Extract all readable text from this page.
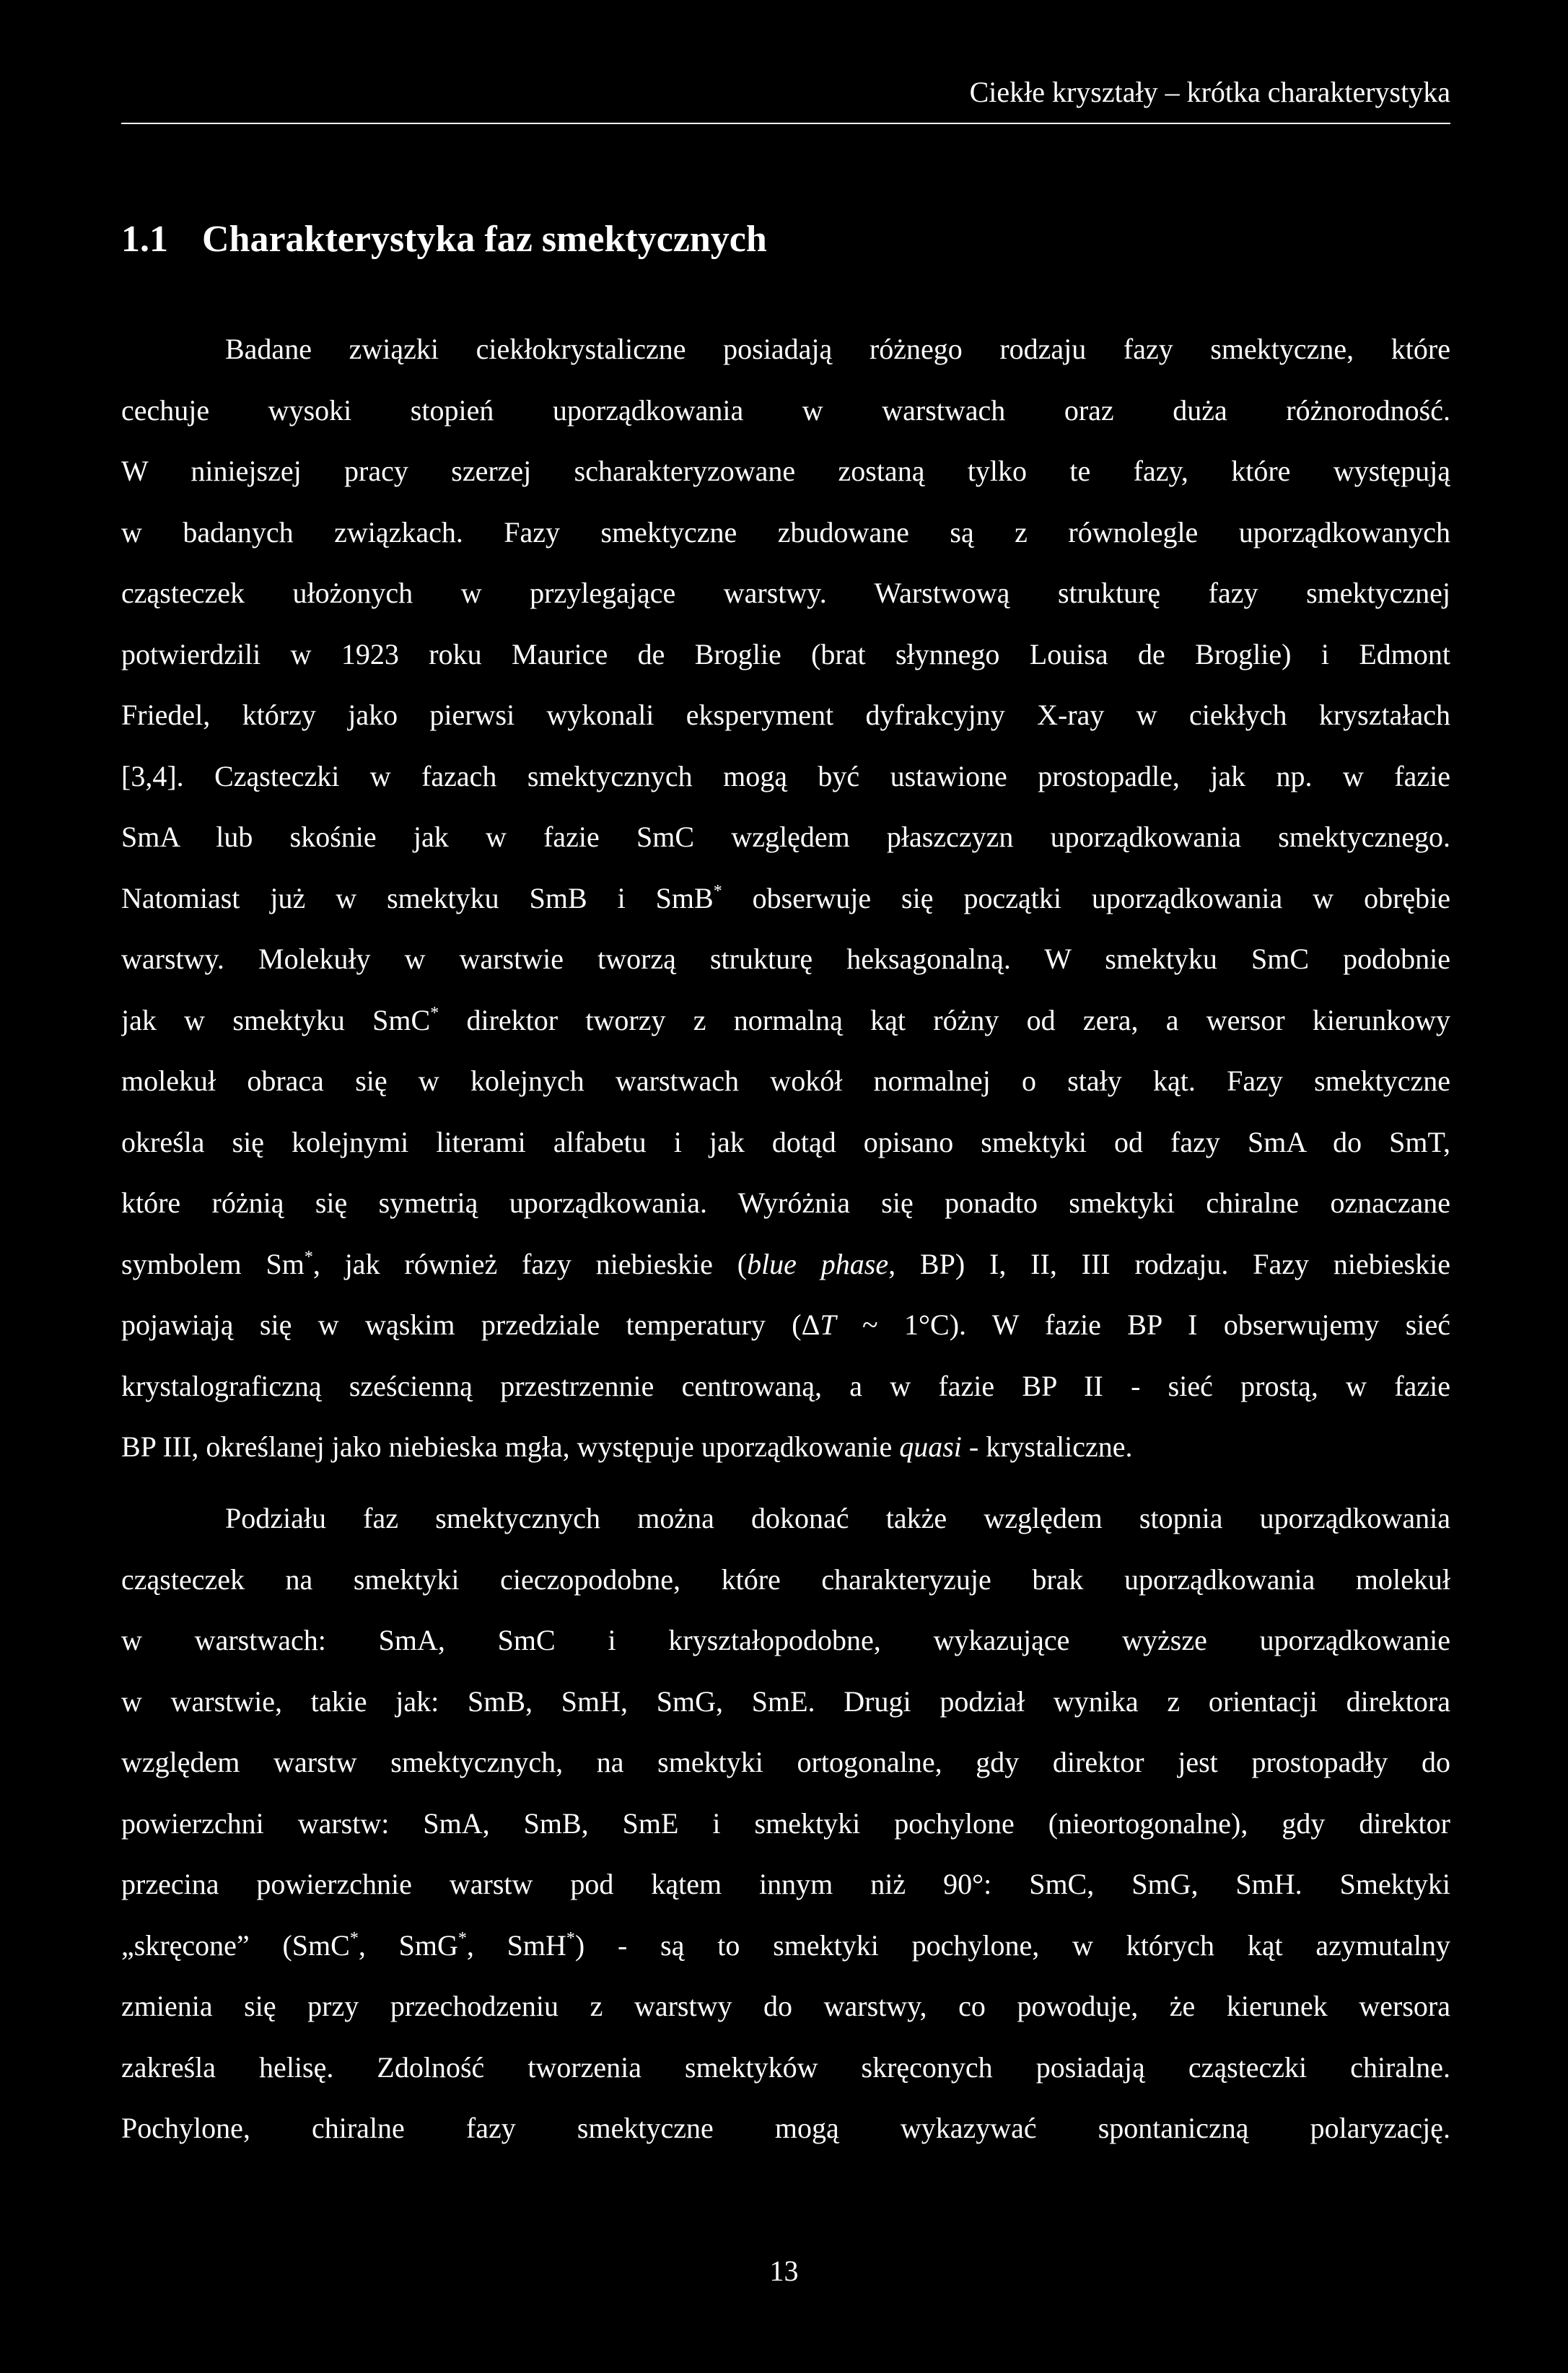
Ciekłe kryształy – krótka charakterystyka
1.1 Charakterystyka faz smektycznych
Badane związki ciekłokrystaliczne posiadają różnego rodzaju fazy smektyczne, które
cechuje wysoki stopień uporządkowania w warstwach oraz duża różnorodność.
W niniejszej pracy szerzej scharakteryzowane zostaną tylko te fazy, które występują
w badanych związkach. Fazy smektyczne zbudowane są z równolegle uporządkowanych
cząsteczek ułożonych w przylegające warstwy. Warstwową strukturę fazy smektycznej
potwierdzili w 1923 roku Maurice de Broglie (brat słynnego Louisa de Broglie) i Edmont
Friedel, którzy jako pierwsi wykonali eksperyment dyfrakcyjny X-ray w ciekłych kryształach
[3,4]. Cząsteczki w fazach smektycznych mogą być ustawione prostopadle, jak np. w fazie
SmA lub skośnie jak w fazie SmC względem płaszczyzn uporządkowania smektycznego.
Natomiast już w smektyku SmB i SmB* obserwuje się początki uporządkowania w obrębie
warstwy. Molekuły w warstwie tworzą strukturę heksagonalną. W smektyku SmC podobnie
jak w smektyku SmC* direktor tworzy z normalną kąt różny od zera, a wersor kierunkowy
molekuł obraca się w kolejnych warstwach wokół normalnej o stały kąt. Fazy smektyczne
określa się kolejnymi literami alfabetu i jak dotąd opisano smektyki od fazy SmA do SmT,
które różnią się symetrią uporządkowania. Wyróżnia się ponadto smektyki chiralne oznaczane
symbolem Sm*, jak również fazy niebieskie (blue phase, BP) I, II, III rodzaju. Fazy niebieskie
pojawiają się w wąskim przedziale temperatury (ΔT ~ 1°C). W fazie BP I obserwujemy sieć
krystalograficzną sześcienną przestrzennie centrowaną, a w fazie BP II - sieć prostą, w fazie
BP III, określanej jako niebieska mgła, występuje uporządkowanie quasi - krystaliczne.
Podziału faz smektycznych można dokonać także względem stopnia uporządkowania
cząsteczek na smektyki cieczopodobne, które charakteryzuje brak uporządkowania molekuł
w warstwach: SmA, SmC i kryształopodobne, wykazujące wyższe uporządkowanie
w warstwie, takie jak: SmB, SmH, SmG, SmE. Drugi podział wynika z orientacji direktora
względem warstw smektycznych, na smektyki ortogonalne, gdy direktor jest prostopadły do
powierzchni warstw: SmA, SmB, SmE i smektyki pochylone (nieortogonalne), gdy direktor
przecina powierzchnie warstw pod kątem innym niż 90°: SmC, SmG, SmH. Smektyki
„skręcone” (SmC*, SmG*, SmH*) - są to smektyki pochylone, w których kąt azymutalny
zmienia się przy przechodzeniu z warstwy do warstwy, co powoduje, że kierunek wersora
zakreśla helisę. Zdolność tworzenia smektyków skręconych posiadają cząsteczki chiralne.
Pochylone, chiralne fazy smektyczne mogą wykazywać spontaniczną polaryzację.
13
